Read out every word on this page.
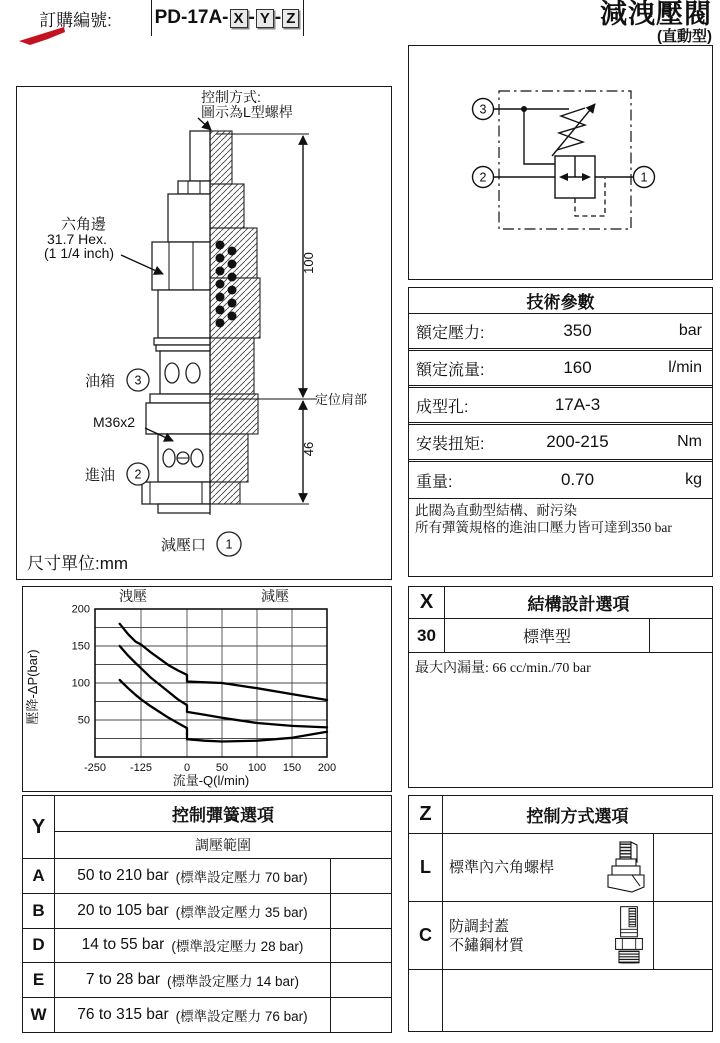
減洩壓閥
(直動型)
訂購編號:	PD-17A- X - Y - Z
100
46
定位肩部
控制方式:
圖示為L型螺桿
六角邊
31.7 Hex.
(1 1/4 inch)
油箱 3
M36x2
進油 2
減壓口 1
尺寸單位:mm
3
2	1
技術參數
額定壓力:	350	bar
額定流量:	160	l/min
成型孔:	17A-3
安裝扭矩:	200-215	Nm
重量:	0.70	kg
此閥為直動型結構、耐污染
所有彈簧規格的進油口壓力皆可達到350 bar
洩壓	減壓
壓降-ΔP(bar)
流量-Q(l/min)
-250 -125	0 50 100 150 200
50
100
150
200	X	結構設計選項
30	標準型
最大內漏量: 66 cc/min./70 bar
Y	控制彈簧選項
調壓範圍
A	50 to 210 bar (標準設定壓力 70 bar)
B	20 to 105 bar (標準設定壓力 35 bar)
D	14 to 55 bar (標準設定壓力 28 bar)
E	7 to 28 bar (標準設定壓力 14 bar)
W	76 to 315 bar (標準設定壓力 76 bar)
Z	控制方式選項
L	標準內六角螺桿
C	防調封蓋
不鏽鋼材質
